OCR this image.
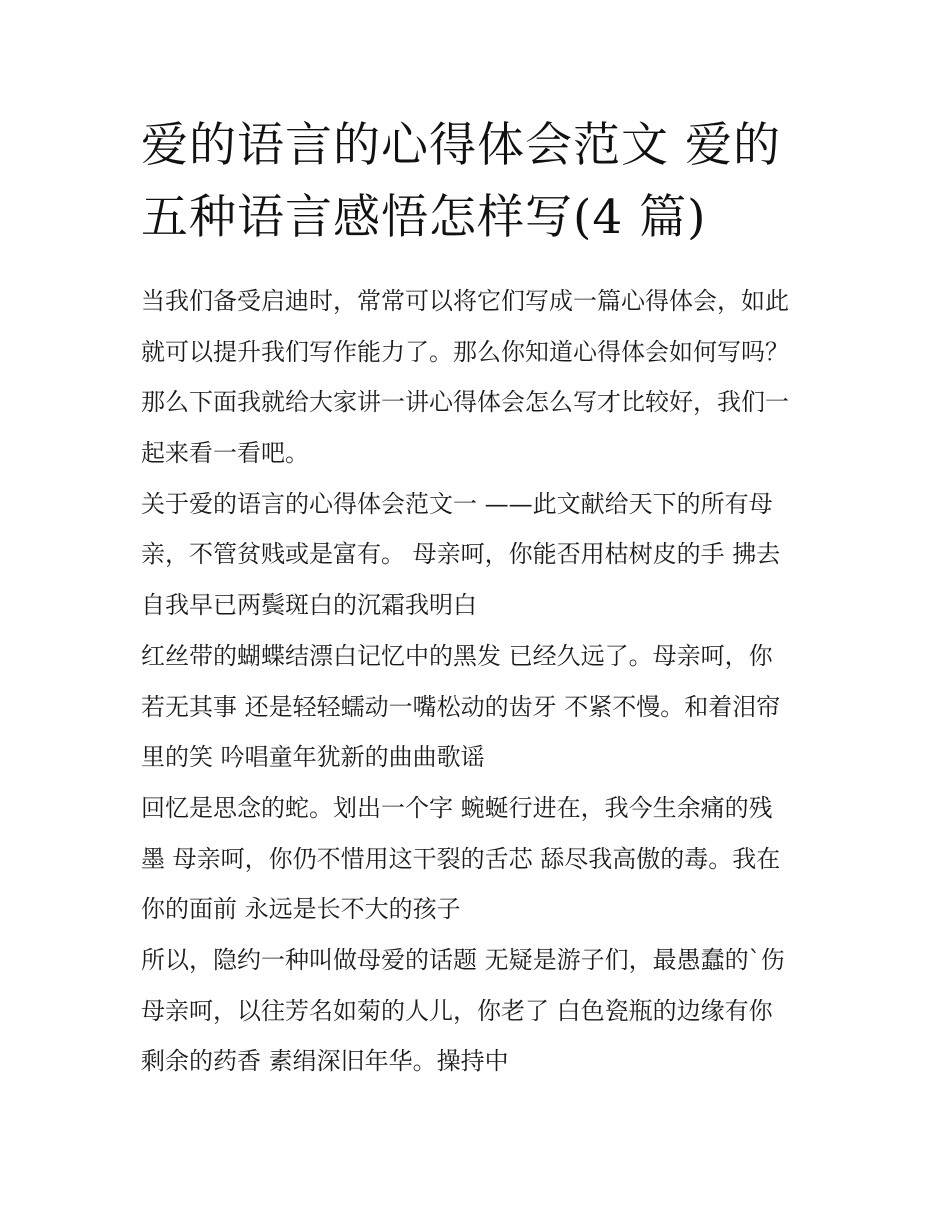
爱的语言的心得体会范文 爱的
五种语言感悟怎样写(4 篇)
当我们备受启迪时，常常可以将它们写成一篇心得体会，如此
就可以提升我们写作能力了。那么你知道心得体会如何写吗？
那么下面我就给大家讲一讲心得体会怎么写才比较好，我们一
起来看一看吧。
关于爱的语言的心得体会范文一 ——此文献给天下的所有母
亲，不管贫贱或是富有。 母亲呵，你能否用枯树皮的手 拂去
自我早已两鬓斑白的沉霜我明白
红丝带的蝴蝶结漂白记忆中的黑发 已经久远了。母亲呵，你
若无其事 还是轻轻蠕动一嘴松动的齿牙 不紧不慢。和着泪帘
里的笑 吟唱童年犹新的曲曲歌谣
回忆是思念的蛇。划出一个字 蜿蜒行进在，我今生余痛的残
墨 母亲呵，你仍不惜用这干裂的舌芯 舔尽我高傲的毒。我在
你的面前 永远是长不大的孩子
所以，隐约一种叫做母爱的话题 无疑是游子们，最愚蠢的`伤
母亲呵，以往芳名如菊的人儿，你老了 白色瓷瓶的边缘有你
剩余的药香 素绢深旧年华。操持中
